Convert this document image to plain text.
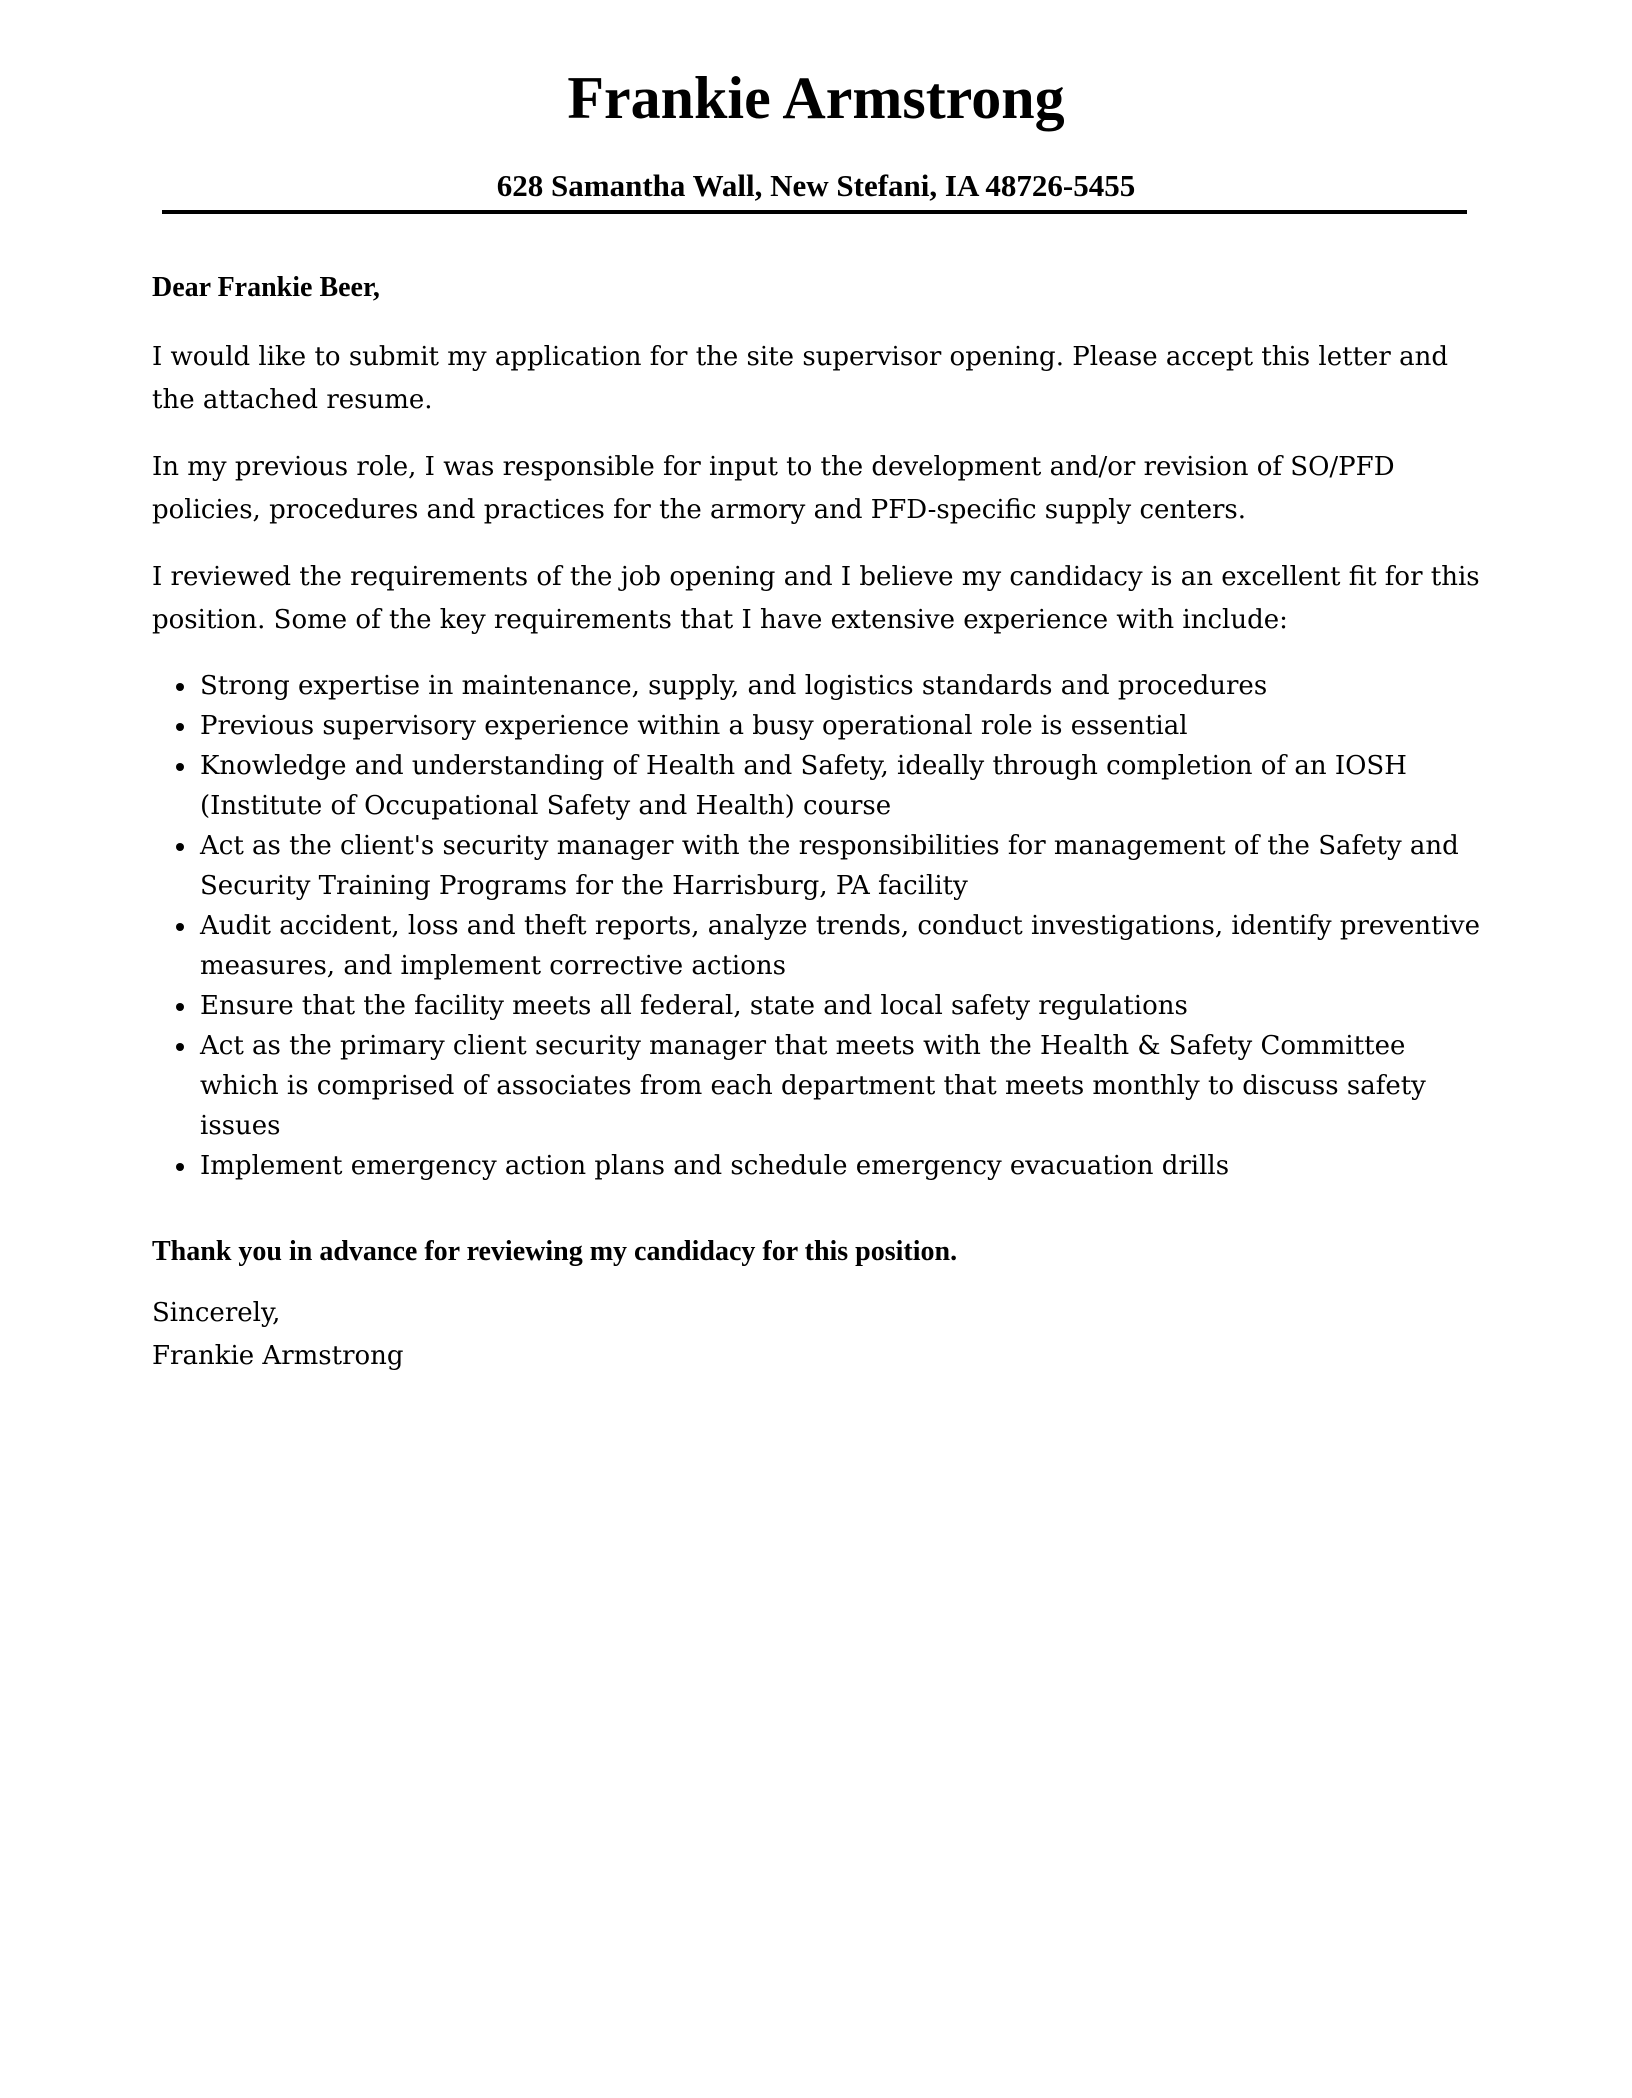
Frankie Armstrong
628 Samantha Wall, New Stefani, IA 48726-5455

Dear Frankie Beer,

I would like to submit my application for the site supervisor opening. Please accept this letter and the attached resume.

In my previous role, I was responsible for input to the development and/or revision of SO/PFD policies, procedures and practices for the armory and PFD-specific supply centers.

I reviewed the requirements of the job opening and I believe my candidacy is an excellent fit for this position. Some of the key requirements that I have extensive experience with include:

Strong expertise in maintenance, supply, and logistics standards and procedures
Previous supervisory experience within a busy operational role is essential
Knowledge and understanding of Health and Safety, ideally through completion of an IOSH (Institute of Occupational Safety and Health) course
Act as the client's security manager with the responsibilities for management of the Safety and Security Training Programs for the Harrisburg, PA facility
Audit accident, loss and theft reports, analyze trends, conduct investigations, identify preventive measures, and implement corrective actions
Ensure that the facility meets all federal, state and local safety regulations
Act as the primary client security manager that meets with the Health & Safety Committee which is comprised of associates from each department that meets monthly to discuss safety issues
Implement emergency action plans and schedule emergency evacuation drills

Thank you in advance for reviewing my candidacy for this position.

Sincerely,

Frankie Armstrong
